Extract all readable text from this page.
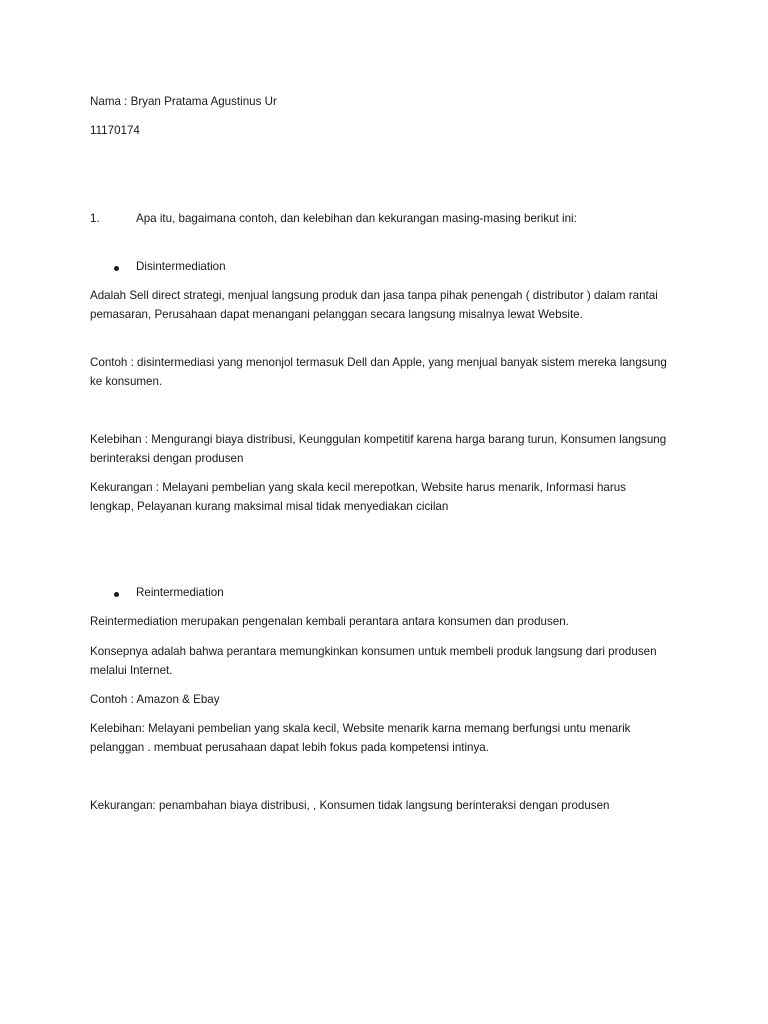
Nama : Bryan Pratama Agustinus Ur
11170174
1.	Apa itu, bagaimana contoh, dan kelebihan dan kekurangan masing-masing berikut ini:
Disintermediation

Adalah Sell direct strategi, menjual langsung produk dan jasa tanpa pihak penengah ( distributor ) dalam rantai pemasaran, Perusahaan dapat menangani pelanggan secara langsung misalnya lewat Website.

Contoh : disintermediasi yang menonjol termasuk Dell dan Apple, yang menjual banyak sistem mereka langsung ke konsumen.

Kelebihan : Mengurangi biaya distribusi, Keunggulan kompetitif karena harga barang turun, Konsumen langsung berinteraksi dengan produsen

Kekurangan : Melayani pembelian yang skala kecil merepotkan, Website harus menarik, Informasi harus lengkap, Pelayanan kurang maksimal misal tidak menyediakan cicilan

Reintermediation

Reintermediation merupakan pengenalan kembali perantara antara konsumen dan produsen.

Konsepnya adalah bahwa perantara memungkinkan konsumen untuk membeli produk langsung dari produsen melalui Internet.

Contoh : Amazon & Ebay

Kelebihan: Melayani pembelian yang skala kecil, Website menarik karna memang berfungsi untu menarik pelanggan . membuat perusahaan dapat lebih fokus pada kompetensi intinya.

Kekurangan: penambahan biaya distribusi, , Konsumen tidak langsung berinteraksi dengan produsen
